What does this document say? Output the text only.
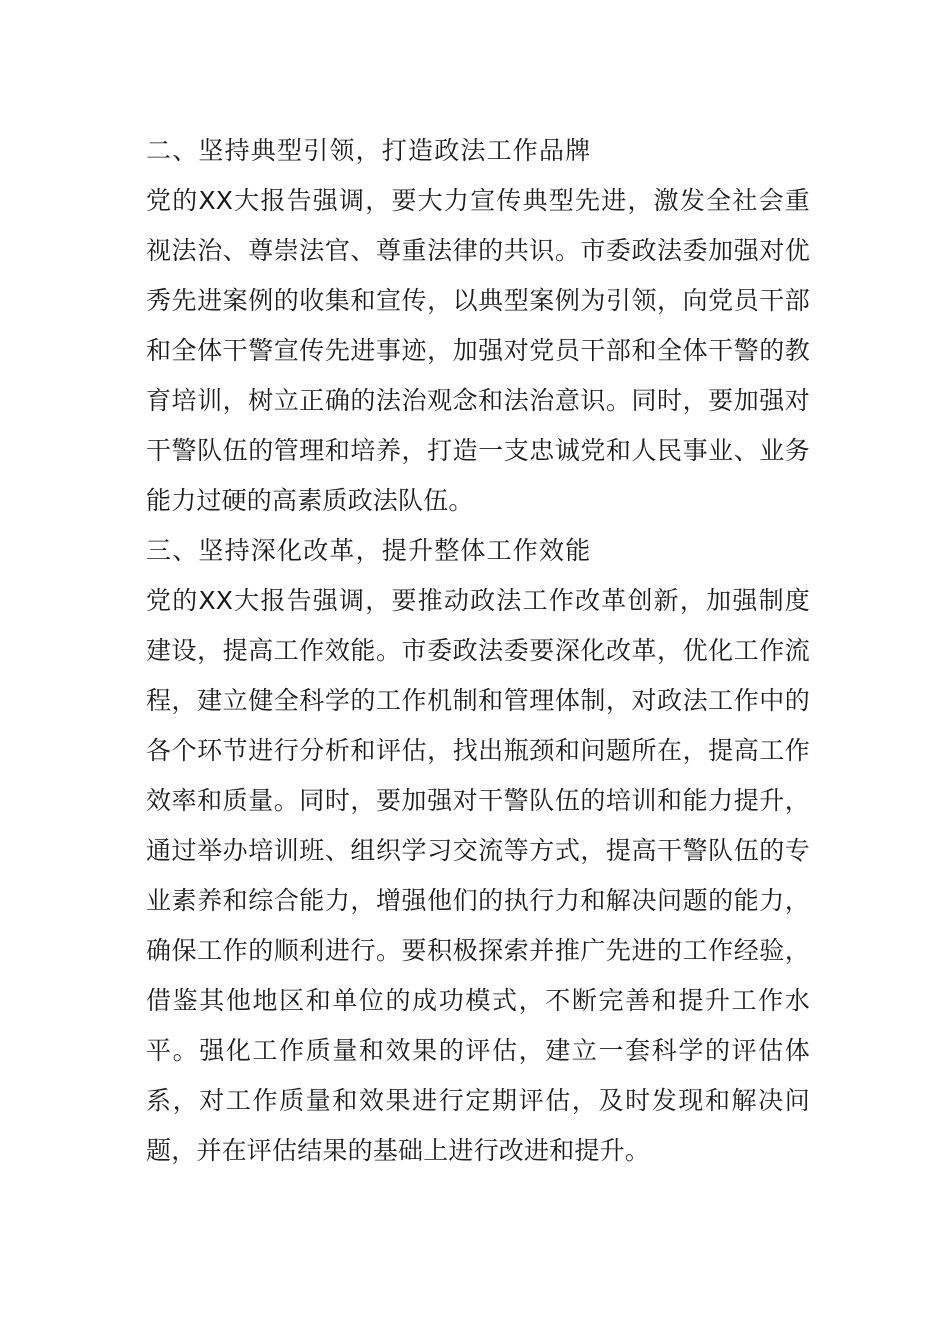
二、坚持典型引领，打造政法工作品牌

党的XX大报告强调，要大力宣传典型先进，激发全社会重视法治、尊崇法官、尊重法律的共识。市委政法委加强对优秀先进案例的收集和宣传，以典型案例为引领，向党员干部和全体干警宣传先进事迹，加强对党员干部和全体干警的教育培训，树立正确的法治观念和法治意识。同时，要加强对干警队伍的管理和培养，打造一支忠诚党和人民事业、业务能力过硬的高素质政法队伍。

三、坚持深化改革，提升整体工作效能

党的XX大报告强调，要推动政法工作改革创新，加强制度建设，提高工作效能。市委政法委要深化改革，优化工作流程，建立健全科学的工作机制和管理体制，对政法工作中的各个环节进行分析和评估，找出瓶颈和问题所在，提高工作效率和质量。同时，要加强对干警队伍的培训和能力提升，通过举办培训班、组织学习交流等方式，提高干警队伍的专业素养和综合能力，增强他们的执行力和解决问题的能力，确保工作的顺利进行。要积极探索并推广先进的工作经验，借鉴其他地区和单位的成功模式，不断完善和提升工作水平。强化工作质量和效果的评估，建立一套科学的评估体系，对工作质量和效果进行定期评估，及时发现和解决问题，并在评估结果的基础上进行改进和提升。
